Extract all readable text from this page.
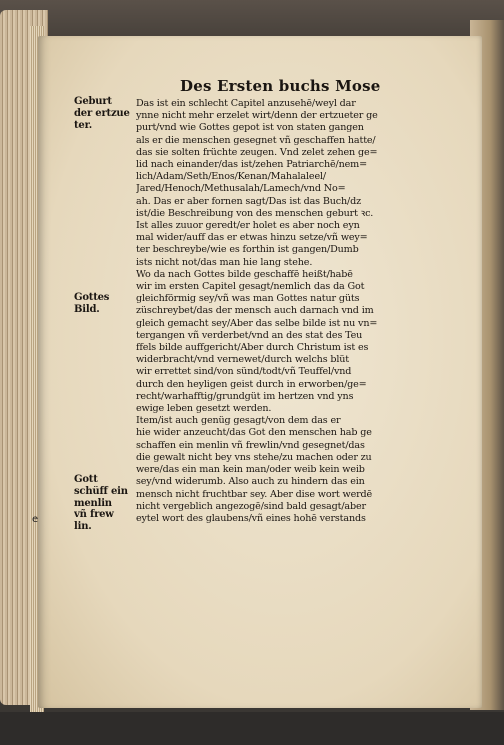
Des Ersten buchs Mose
Geburt
der ertzue
ter.
Gottes
Bild.
Gott
schüff ein
menlin
vñ frew
lin.
e
Das ist ein schlecht Capitel anzusehē/weyl dar
ynne nicht mehr erzelet wirt/denn der ertzueter ge
purt/vnd wie Gottes gepot ist von staten gangen
als er die menschen gesegnet vñ geschaffen hatte/
das sie solten früchte zeugen. Vnd zelet zehen ge=
lid nach einander/das ist/zehen Patriarchē/nem=
lich/Adam/Seth/Enos/Kenan/Mahalaleel/
Jared/Henoch/Methusalah/Lamech/vnd No=
ah. Das er aber fornen sagt/Das ist das Buch/dz
ist/die Beschreibung von des menschen geburt ꝛc.
Ist alles zuuor geredt/er holet es aber noch eyn
mal wider/auff das er etwas hinzu setze/vñ wey=
ter beschreybe/wie es forthin ist gangen/Dumb
ists nicht not/das man hie lang stehe.
Wo da nach Gottes bilde geschaffē heißt/habē
wir im ersten Capitel gesagt/nemlich das da Got
gleichförmig sey/vñ was man Gottes natur güts
züschreybet/das der mensch auch darnach vnd im
gleich gemacht sey/Aber das selbe bilde ist nu vn=
tergangen vñ verderbet/vnd an des stat des Teu
ffels bilde auffgericht/Aber durch Christum ist es
widerbracht/vnd vernewet/durch welchs blüt
wir errettet sind/von sünd/todt/vñ Teuffel/vnd
durch den heyligen geist durch in erworben/ge=
recht/warhafftig/grundgüt im hertzen vnd yns
ewige leben gesetzt werden.
Item/ist auch genüg gesagt/von dem das er
hie wider anzeucht/das Got den menschen hab ge
schaffen ein menlin vñ frewlin/vnd gesegnet/das
die gewalt nicht bey vns stehe/zu machen oder zu
were/das ein man kein man/oder weib kein weib
sey/vnd widerumb. Also auch zu hindern das ein
mensch nicht fruchtbar sey. Aber dise wort werdē
nicht vergeblich angezogē/sind bald gesagt/aber
eytel wort des glaubens/vñ eines hohē verstands
